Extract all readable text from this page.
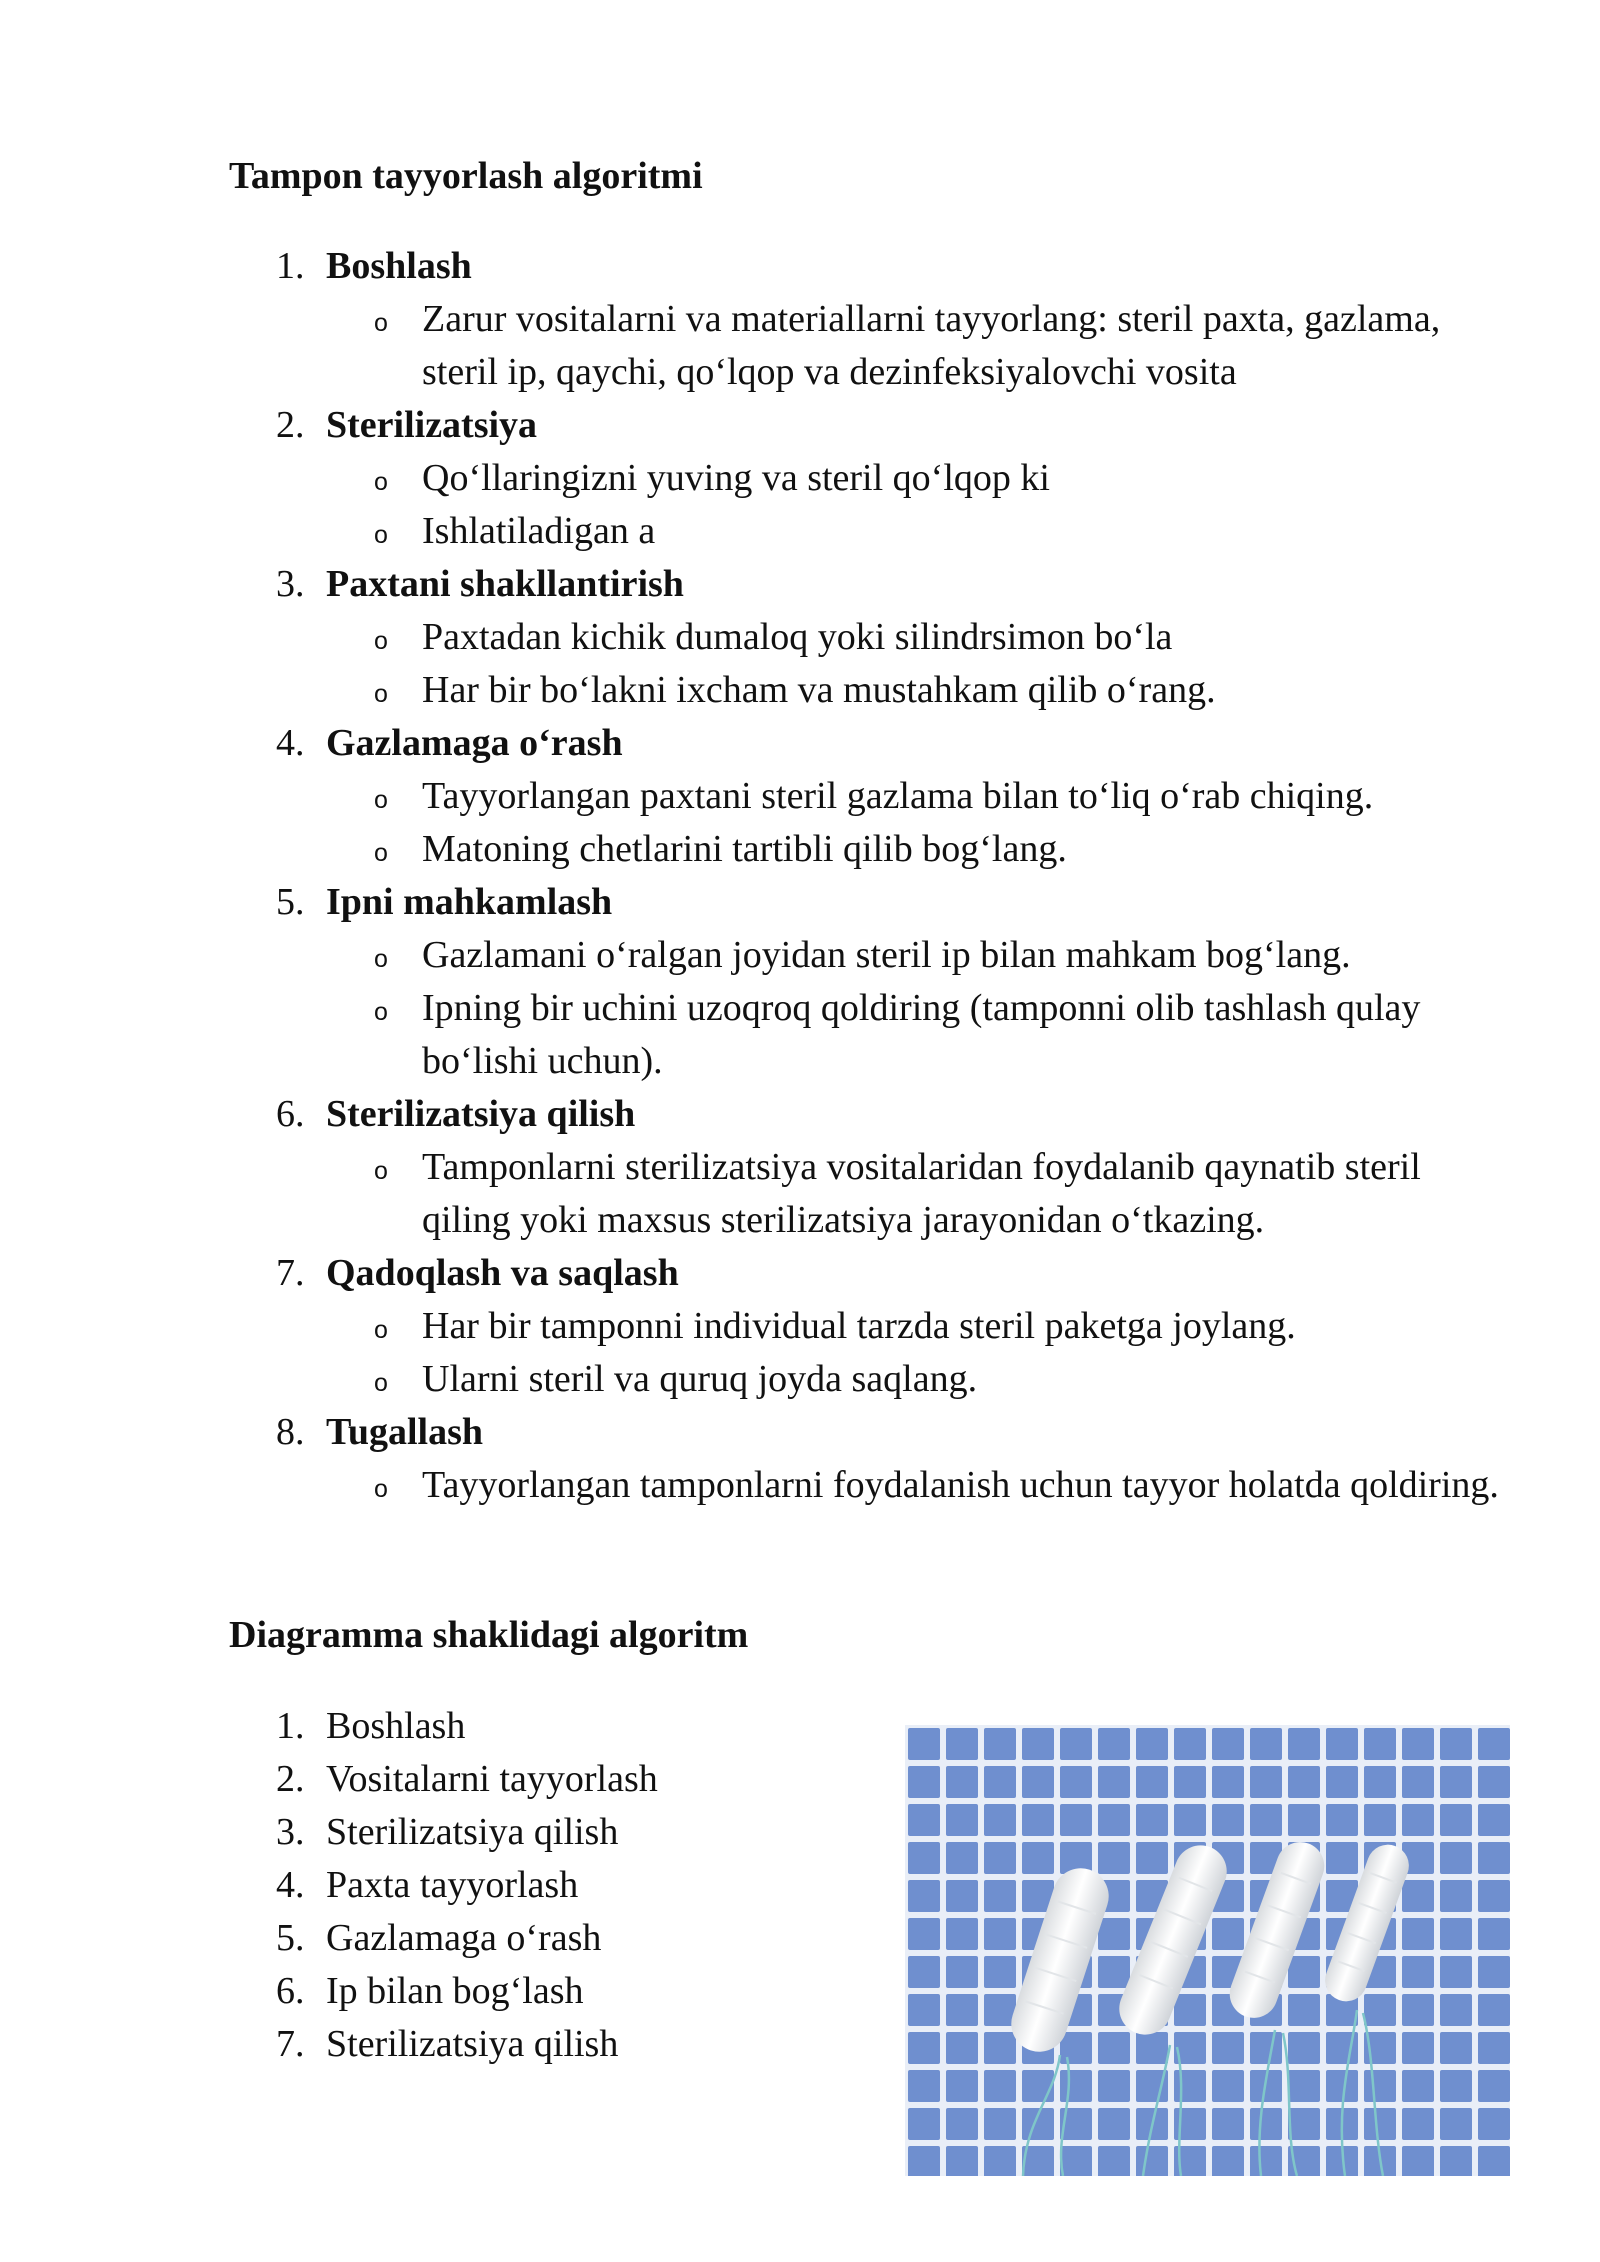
Tampon tayyorlash algoritmi
1. Boshlash
o Zarur vositalarni va materiallarni tayyorlang: steril paxta, gazlama, steril ip, qaychi, qo‘lqop va dezinfeksiyalovchi vosita
2. Sterilizatsiya
o Qo‘llaringizni yuving va steril qo‘lqop ki
o Ishlatiladigan a
3. Paxtani shakllantirish
o Paxtadan kichik dumaloq yoki silindrsimon bo‘la
o Har bir bo‘lakni ixcham va mustahkam qilib o‘rang.
4. Gazlamaga o‘rash
o Tayyorlangan paxtani steril gazlama bilan to‘liq o‘rab chiqing.
o Matoning chetlarini tartibli qilib bog‘lang.
5. Ipni mahkamlash
o Gazlamani o‘ralgan joyidan steril ip bilan mahkam bog‘lang.
o Ipning bir uchini uzoqroq qoldiring (tamponni olib tashlash qulay bo‘lishi uchun).
6. Sterilizatsiya qilish
o Tamponlarni sterilizatsiya vositalaridan foydalanib qaynatib steril qiling yoki maxsus sterilizatsiya jarayonidan o‘tkazing.
7. Qadoqlash va saqlash
o Har bir tamponni individual tarzda steril paketga joylang.
o Ularni steril va quruq joyda saqlang.
8. Tugallash
o Tayyorlangan tamponlarni foydalanish uchun tayyor holatda qoldiring.
Diagramma shaklidagi algoritm
1. Boshlash
2. Vositalarni tayyorlash
3. Sterilizatsiya qilish
4. Paxta tayyorlash
5. Gazlamaga o‘rash
6. Ip bilan bog‘lash
7. Sterilizatsiya qilish
